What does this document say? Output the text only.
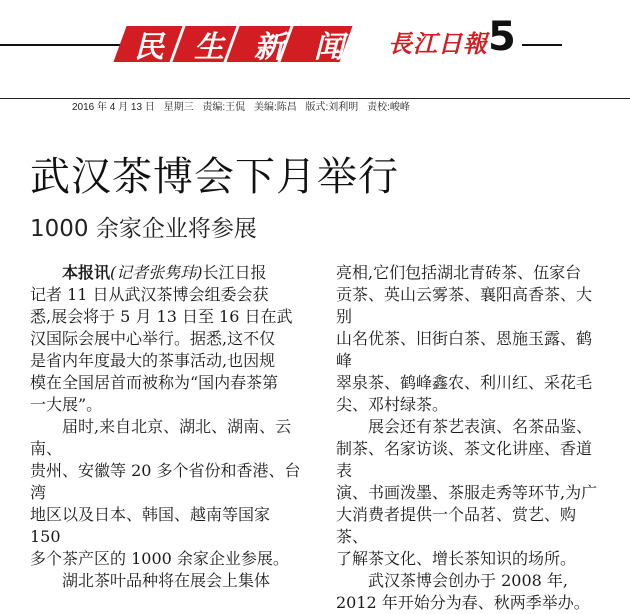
民 生 新 闻 長江日報 5
2016 年 4 月 13 日 星期三 责编:王侃 美编:陈昌 版式:刘利明 责校:峻峰
武汉茶博会下月举行
1000 余家企业将参展

本报讯(记者张隽玮)长江日报
记者 11 日从武汉茶博会组委会获
悉,展会将于 5 月 13 日至 16 日在武
汉国际会展中心举行。据悉,这不仅
是省内年度最大的茶事活动,也因规
模在全国居首而被称为“国内春茶第
一大展”。

届时,来自北京、湖北、湖南、云南、
贵州、安徽等 20 多个省份和香港、台湾
地区以及日本、韩国、越南等国家 150
多个茶产区的 1000 余家企业参展。

湖北茶叶品种将在展会上集体

亮相,它们包括湖北青砖茶、伍家台
贡茶、英山云雾茶、襄阳高香茶、大别
山名优茶、旧街白茶、恩施玉露、鹤峰
翠泉茶、鹤峰鑫农、利川红、采花毛
尖、邓村绿茶。

展会还有茶艺表演、名茶品鉴、
制茶、名家访谈、茶文化讲座、香道表
演、书画泼墨、茶服走秀等环节,为广
大消费者提供一个品茗、赏艺、购茶、
了解茶文化、增长茶知识的场所。

武汉茶博会创办于 2008 年,
2012 年开始分为春、秋两季举办。
